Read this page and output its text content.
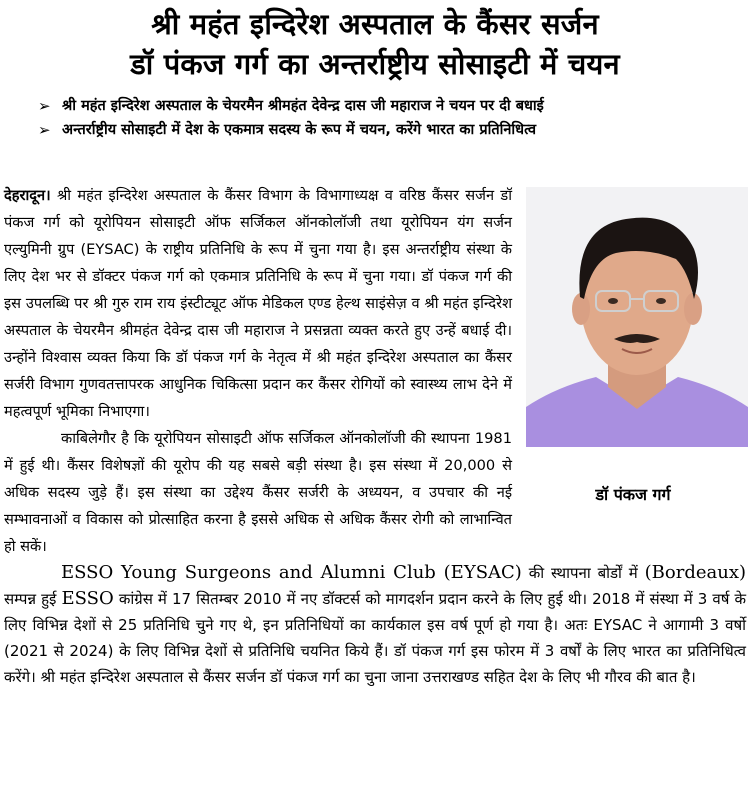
श्री महंत इन्दिरेश अस्पताल के कैंसर सर्जन
डॉ पंकज गर्ग का अन्तर्राष्ट्रीय सोसाइटी में चयन
➢ श्री महंत इन्दिरेश अस्पताल के चेयरमैन श्रीमहंत देवेन्द्र दास जी महाराज ने चयन पर दी बधाई
➢ अन्तर्राष्ट्रीय सोसाइटी में देश के एकमात्र सदस्य के रूप में चयन, करेंगे भारत का प्रतिनिधित्व
डॉ पंकज गर्ग

देहरादून। श्री महंत इन्दिरेश अस्पताल के कैंसर विभाग के विभागाध्यक्ष व वरिष्ठ कैंसर सर्जन डॉ पंकज गर्ग को यूरोपियन सोसाइटी ऑफ सर्जिकल ऑनकोलॉजी तथा यूरोपियन यंग सर्जन एल्युमिनी ग्रुप (EYSAC) के राष्ट्रीय प्रतिनिधि के रूप में चुना गया है। इस अन्तर्राष्ट्रीय संस्था के लिए देश भर से डॉक्टर पंकज गर्ग को एकमात्र प्रतिनिधि के रूप में चुना गया। डॉ पंकज गर्ग की इस उपलब्धि पर श्री गुरु राम राय इंस्टीट्यूट ऑफ मेडिकल एण्ड हेल्थ साइंसेज़ व श्री महंत इन्दिरेश अस्पताल के चेयरमैन श्रीमहंत देवेन्द्र दास जी महाराज ने प्रसन्नता व्यक्त करते हुए उन्हें बधाई दी। उन्होंने विश्वास व्यक्त किया कि डॉ पंकज गर्ग के नेतृत्व में श्री महंत इन्दिरेश अस्पताल का कैंसर सर्जरी विभाग गुणवतत्तापरक आधुनिक चिकित्सा प्रदान कर कैंसर रोगियों को स्वास्थ्य लाभ देने में महत्वपूर्ण भूमिका निभाएगा।

काबिलेगौर है कि यूरोपियन सोसाइटी ऑफ सर्जिकल ऑनकोलॉजी की स्थापना 1981 में हुई थी। कैंसर विशेषज्ञों की यूरोप की यह सबसे बड़ी संस्था है। इस संस्था में 20,000 से अधिक सदस्य जुड़े हैं। इस संस्था का उद्देश्य कैंसर सर्जरी के अध्ययन, व उपचार की नई सम्भावनाओं व विकास को प्रोत्साहित करना है इससे अधिक से अधिक कैंसर रोगी को लाभान्वित हो सकें।

ESSO Young Surgeons and Alumni Club (EYSAC) की स्थापना बोर्डों में (Bordeaux) सम्पन्न हुई ESSO कांग्रेस में 17 सितम्बर 2010 में नए डॉक्टर्स को मागदर्शन प्रदान करने के लिए हुई थी। 2018 में संस्था में 3 वर्ष के लिए विभिन्न देशों से 25 प्रतिनिधि चुने गए थे, इन प्रतिनिधियों का कार्यकाल इस वर्ष पूर्ण हो गया है। अतः EYSAC ने आगामी 3 वर्षो (2021 से 2024) के लिए विभिन्न देशों से प्रतिनिधि चयनित किये हैं। डॉ पंकज गर्ग इस फोरम में 3 वर्षों के लिए भारत का प्रतिनिधित्व करेंगे। श्री महंत इन्दिरेश अस्पताल से कैंसर सर्जन डॉ पंकज गर्ग का चुना जाना उत्तराखण्ड सहित देश के लिए भी गौरव की बात है।
